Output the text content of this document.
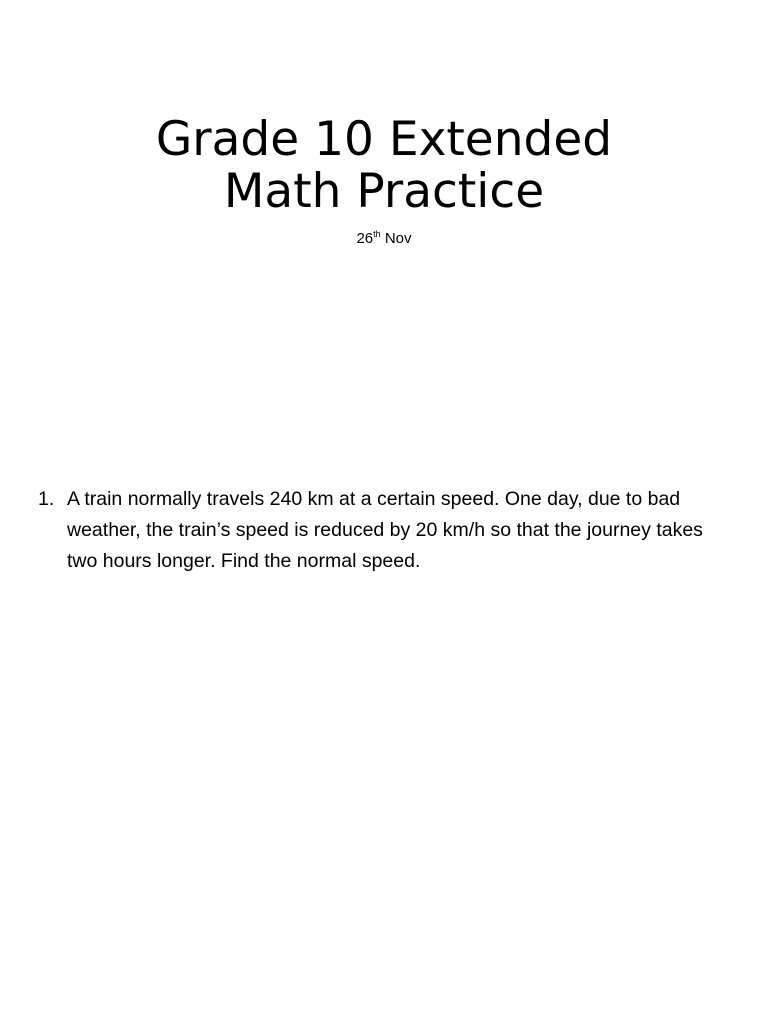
Grade 10 Extended
Math Practice
26th Nov
1. A train normally travels 240 km at a certain speed. One day, due to bad weather, the train’s speed is reduced by 20 km/h so that the journey takes two hours longer. Find the normal speed.
